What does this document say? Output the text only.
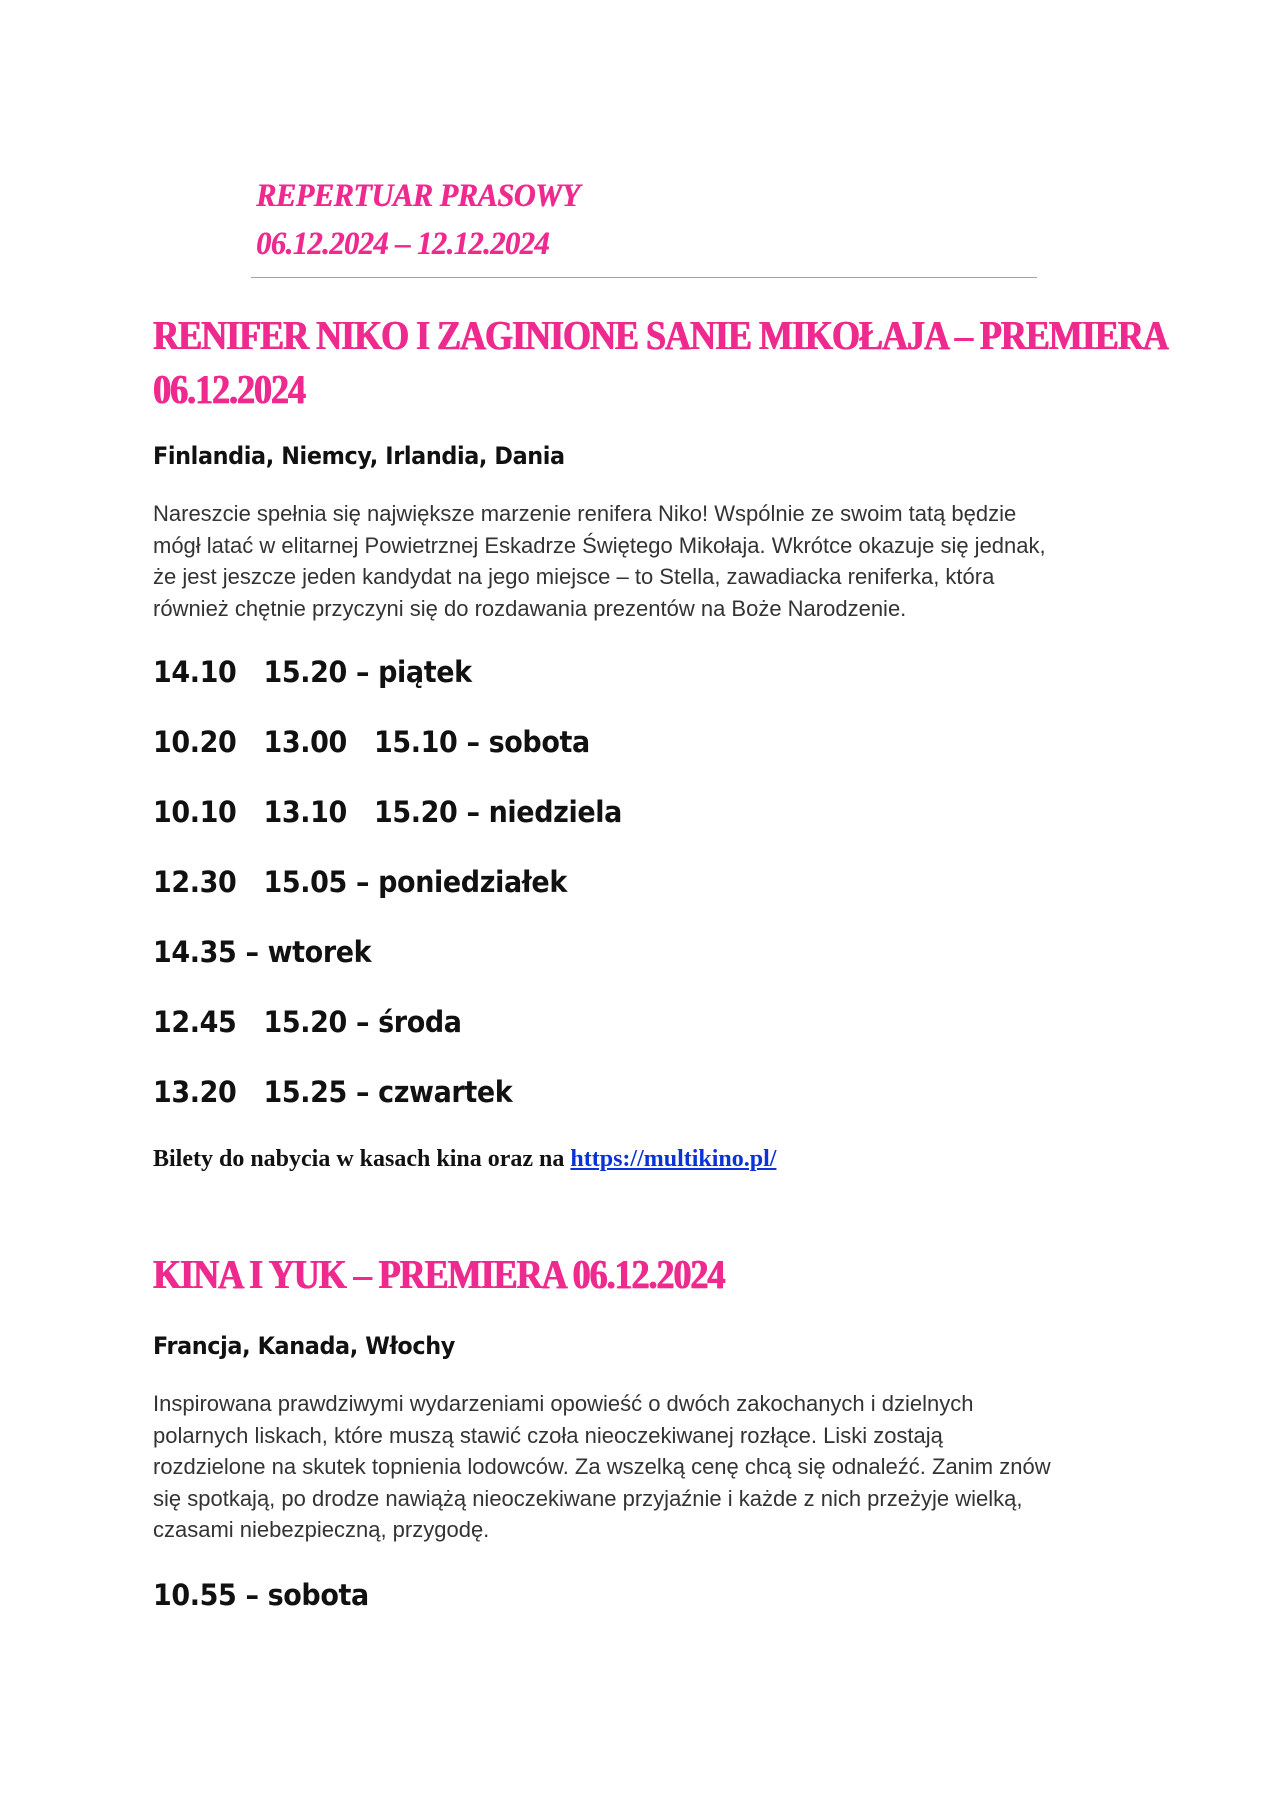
REPERTUAR PRASOWY
06.12.2024 – 12.12.2024
RENIFER NIKO I ZAGINIONE SANIE MIKOŁAJA – PREMIERA
06.12.2024
Finlandia, Niemcy, Irlandia, Dania
Nareszcie spełnia się największe marzenie renifera Niko! Wspólnie ze swoim tatą będzie
mógł latać w elitarnej Powietrznej Eskadrze Świętego Mikołaja. Wkrótce okazuje się jednak,
że jest jeszcze jeden kandydat na jego miejsce – to Stella, zawadiacka reniferka, która
również chętnie przyczyni się do rozdawania prezentów na Boże Narodzenie.
14.10   15.20 – piątek
10.20   13.00   15.10 – sobota
10.10   13.10   15.20 – niedziela
12.30   15.05 – poniedziałek
14.35 – wtorek
12.45   15.20 – środa
13.20   15.25 – czwartek
Bilety do nabycia w kasach kina oraz na https://multikino.pl/
KINA I YUK – PREMIERA 06.12.2024
Francja, Kanada, Włochy
Inspirowana prawdziwymi wydarzeniami opowieść o dwóch zakochanych i dzielnych
polarnych liskach, które muszą stawić czoła nieoczekiwanej rozłące. Liski zostają
rozdzielone na skutek topnienia lodowców. Za wszelką cenę chcą się odnaleźć. Zanim znów
się spotkają, po drodze nawiążą nieoczekiwane przyjaźnie i każde z nich przeżyje wielką,
czasami niebezpieczną, przygodę.
10.55 – sobota
